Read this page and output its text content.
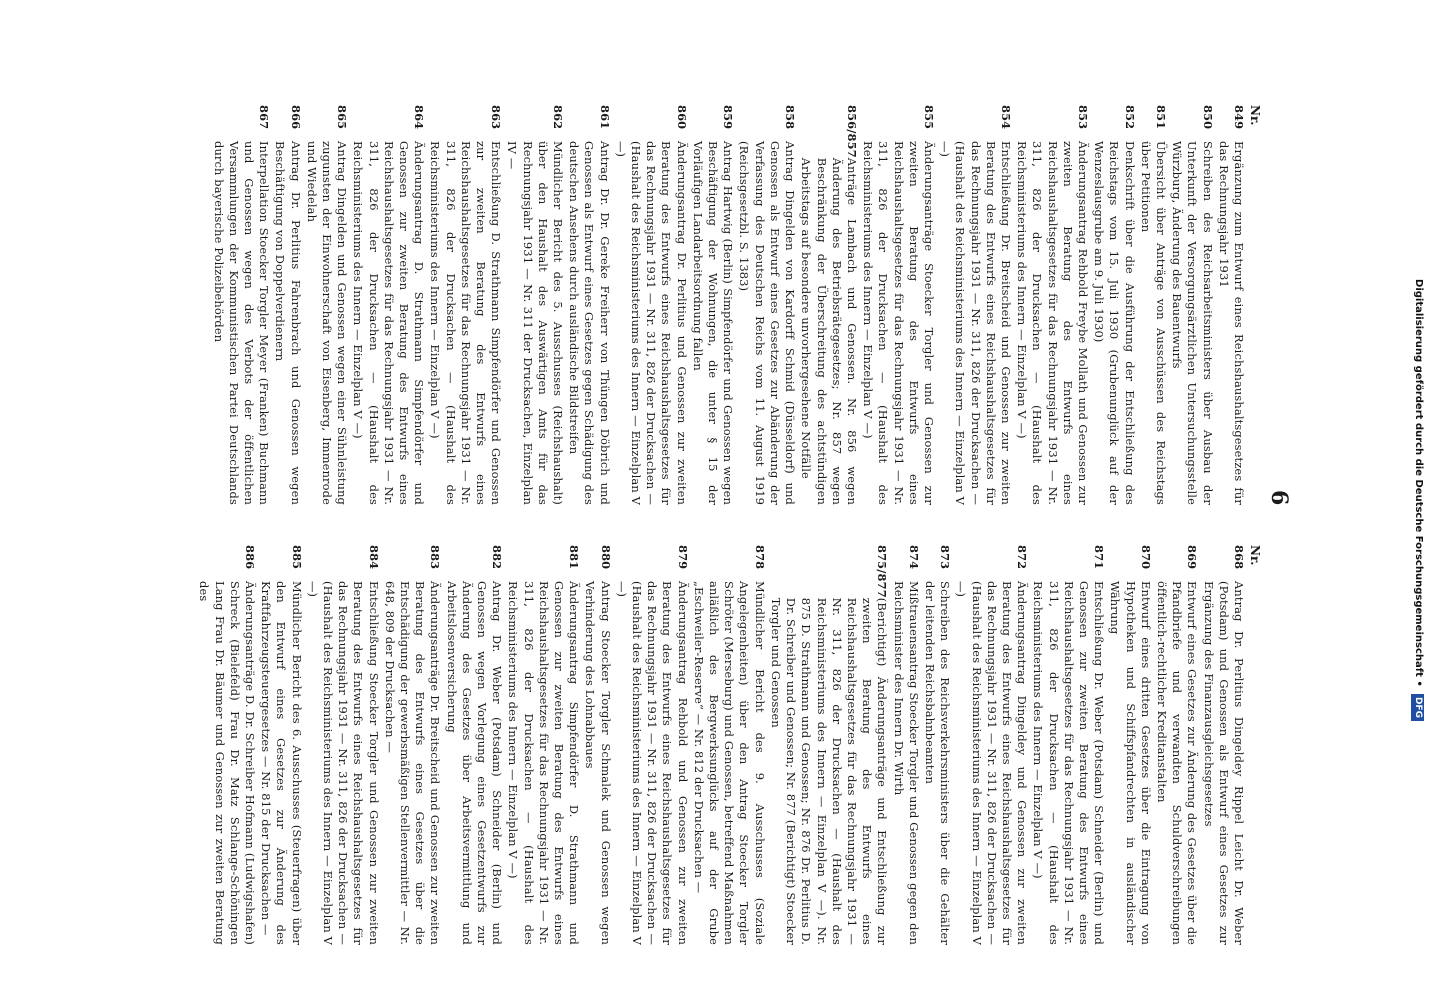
6
Nr.
849
Ergänzung zum Entwurf eines Reichshaushaltsgesetzes für das Rechnungsjahr 1931
850
Schreiben des Reichsarbeitsministers über Ausbau der Unterkunft der Versorgungsärztlichen Untersuchungsstelle Würzburg, Änderung des Bauentwurfs
851
Übersicht über Anträge von Ausschüssen des Reichstags über Petitionen
852
Denkschrift über die Ausführung der Entschließung des Reichstags vom 15. Juli 1930 (Grubenunglück auf der Wenzeslausgrube am 9. Juli 1930)
853
Änderungsantrag Rehbold Freybe Mollath und Genossen zur zweiten Beratung des Entwurfs eines Reichshaushaltsgesetzes für das Rechnungsjahr 1931 — Nr. 311, 826 der Drucksachen — (Haushalt des Reichsministeriums des Innern — Einzelplan V —)
854
Entschließung Dr. Breitscheid und Genossen zur zweiten Beratung des Entwurfs eines Reichshaushaltsgesetzes für das Rechnungsjahr 1931 — Nr. 311, 826 der Drucksachen — (Haushalt des Reichsministeriums des Innern — Einzelplan V —)
855
Änderungsanträge Stoecker Torgler und Genossen zur zweiten Beratung des Entwurfs eines Reichshaushaltsgesetzes für das Rechnungsjahr 1931 — Nr. 311, 826 der Drucksachen — (Haushalt des Reichsministeriums des Innern — Einzelplan V —)
856/857
Anträge Lambach und Genossen. Nr. 856 wegen Änderung des Betriebsrätegesetzes; Nr. 857 wegen Beschränkung der Überschreitung des achtstündigen Arbeitstags auf besondere unvorhergesehene Notfälle
858
Antrag Dingelden von Kardorff Schmid (Düsseldorf) und Genossen als Entwurf eines Gesetzes zur Abänderung der Verfassung des Deutschen Reichs vom 11. August 1919 (Reichsgesetzbl. S. 1383)
859
Antrag Hartwig (Berlin) Simpfendörfer und Genossen wegen Beschäftigung der Wohnungen, die unter § 15 der Vorläufigen Landarbeitsordnung fallen
860
Änderungsantrag Dr. Perlitius und Genossen zur zweiten Beratung des Entwurfs eines Reichshaushaltsgesetzes für das Rechnungsjahr 1931 — Nr. 311, 826 der Drucksachen — (Haushalt des Reichsministeriums des Innern — Einzelplan V —)
861
Antrag Dr. Dr. Gereke Freiherr von Thüngen Döbrich und Genossen als Entwurf eines Gesetzes gegen Schädigung des deutschen Ansehens durch ausländische Bildstreifen
862
Mündlicher Bericht des 5. Ausschusses (Reichshaushalt) über den Haushalt des Auswärtigen Amts für das Rechnungsjahr 1931 — Nr. 311 der Drucksachen, Einzelplan IV —
863
Entschließung D. Strathmann Simpfendörfer und Genossen zur zweiten Beratung des Entwurfs eines Reichshaushaltsgesetzes für das Rechnungsjahr 1931 — Nr. 311, 826 der Drucksachen — (Haushalt des Reichsministeriums des Innern — Einzelplan V —)
864
Änderungsantrag D. Strathmann Simpfendörfer und Genossen zur zweiten Beratung des Entwurfs eines Reichshaushaltsgesetzes für das Rechnungsjahr 1931 — Nr. 311, 826 der Drucksachen — (Haushalt des Reichsministeriums des Innern — Einzelplan V —)
865
Antrag Dingelden und Genossen wegen einer Sühnleistung zugunsten der Einwohnerschaft von Eisenberg, Immenrode und Wiedelah
866
Antrag Dr. Perlitius Fahrenbrach und Genossen wegen Beschäftigung von Doppelverdienern
867
Interpellation Stoecker Torgler Meyer (Franken) Buchmann und Genossen wegen des Verbots der öffentlichen Versammlungen der Kommunistischen Partei Deutschlands durch bayerische Polizeibehörden
Nr.
868
Antrag Dr. Perlitius Dingeldey Rippel Leicht Dr. Weber (Potsdam) und Genossen als Entwurf eines Gesetzes zur Ergänzung des Finanzausgleichsgesetzes
869
Entwurf eines Gesetzes zur Änderung des Gesetzes über die Pfandbriefe und verwandten Schuldverschreibungen öffentlich-rechtlicher Kreditanstalten
870
Entwurf eines dritten Gesetzes über die Eintragung von Hypotheken und Schiffspfandrechten in ausländischer Währung
871
Entschließung Dr. Weber (Potsdam) Schneider (Berlin) und Genossen zur zweiten Beratung des Entwurfs eines Reichshaushaltsgesetzes für das Rechnungsjahr 1931 — Nr. 311, 826 der Drucksachen — (Haushalt des Reichsministeriums des Innern — Einzelplan V —)
872
Änderungsantrag Dingeldey und Genossen zur zweiten Beratung des Entwurfs eines Reichshaushaltsgesetzes für das Rechnungsjahr 1931 — Nr. 311, 826 der Drucksachen — (Haushalt des Reichsministeriums des Innern — Einzelplan V —)
873
Schreiben des Reichsverkehrsministers über die Gehälter der leitenden Reichsbahnbeamten
874
Mißtrauensantrag Stoecker Torgler und Genossen gegen den Reichsminister des Innern Dr. Wirth
875/877
(Berichtigt) Änderungsanträge und Entschließung zur zweiten Beratung des Entwurfs eines Reichshaushaltsgesetzes für das Rechnungsjahr 1931 — Nr. 311, 826 der Drucksachen — (Haushalt des Reichsministeriums des Innern — Einzelplan V —). Nr. 875 D. Strathmann und Genossen; Nr. 876 Dr. Perlitius D. Dr. Schreiber und Genossen; Nr. 877 (Berichtigt) Stoecker Torgler und Genossen
878
Mündlicher Bericht des 9. Ausschusses (Soziale Angelegenheiten) über den Antrag Stoecker Torgler Schröter (Merseburg) und Genossen, betreffend Maßnahmen anläßlich des Bergwerksunglücks auf der Grube „Eschweiler-Reserve“ — Nr. 812 der Drucksachen —
879
Änderungsantrag Rehbold und Genossen zur zweiten Beratung des Entwurfs eines Reichshaushaltsgesetzes für das Rechnungsjahr 1931 — Nr. 311, 826 der Drucksachen — (Haushalt des Reichsministeriums des Innern — Einzelplan V —)
880
Antrag Stoecker Torgler Schmalek und Genossen wegen Verhinderung des Lohnabbaues
881
Änderungsantrag Simpfendörfer D. Strathmann und Genossen zur zweiten Beratung des Entwurfs eines Reichshaushaltsgesetzes für das Rechnungsjahr 1931 — Nr. 311, 826 der Drucksachen — (Haushalt des Reichsministeriums des Innern — Einzelplan V —)
882
Antrag Dr. Weber (Potsdam) Schneider (Berlin) und Genossen wegen Vorlegung eines Gesetzentwurfs zur Änderung des Gesetzes über Arbeitsvermittlung und Arbeitslosenversicherung
883
Änderungsanträge Dr. Breitscheid und Genossen zur zweiten Beratung des Entwurfs eines Gesetzes über die Entschädigung der gewerbsmäßigen Stellenvermittler — Nr. 648, 809 der Drucksachen —
884
Entschließung Stoecker Torgler und Genossen zur zweiten Beratung des Entwurfs eines Reichshaushaltsgesetzes für das Rechnungsjahr 1931 — Nr. 311, 826 der Drucksachen — (Haushalt des Reichsministeriums des Innern — Einzelplan V —)
885
Mündlicher Bericht des 6. Ausschusses (Steuerfragen) über den Entwurf eines Gesetzes zur Änderung des Kraftfahrzeugsteuergesetzes — Nr. 815 der Drucksachen —
886
Änderungsanträge D. Dr. Schreiber Hofmann (Ludwigshafen) Schreck (Bielefeld) Frau Dr. Matz Schlange-Schöningen Lang Frau Dr. Bäumer und Genossen zur zweiten Beratung des	Digitalisierung gefördert durch die Deutsche Forschungsgemeinschaft • DFG
